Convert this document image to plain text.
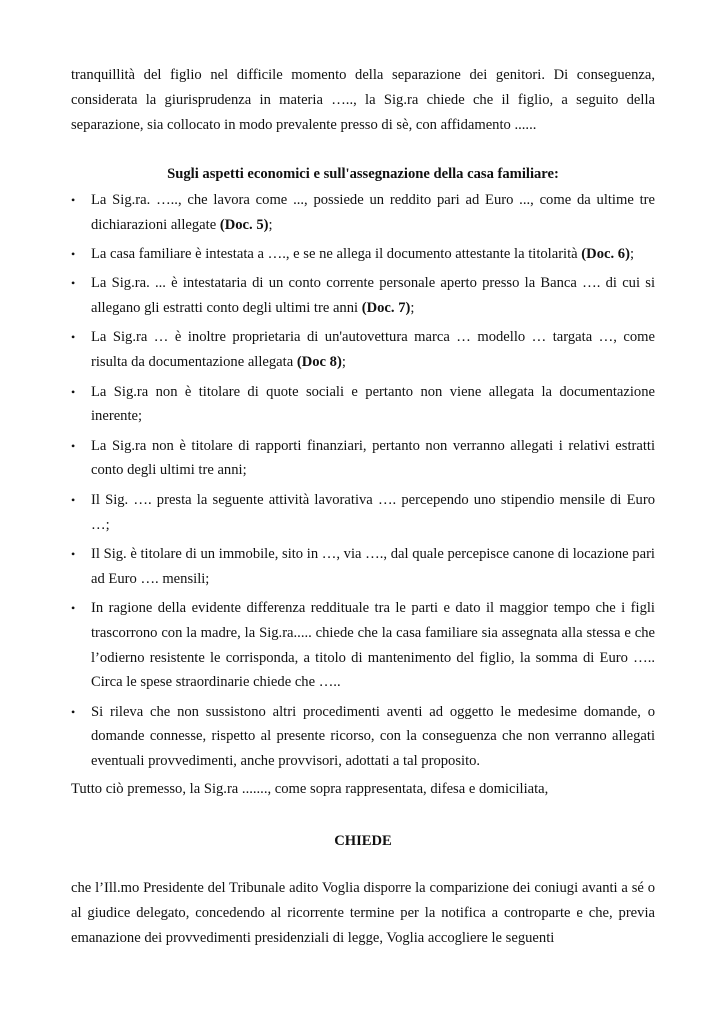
tranquillità del figlio nel difficile momento della separazione dei genitori. Di conseguenza, considerata la giurisprudenza in materia ….., la Sig.ra chiede che il figlio, a seguito della separazione, sia collocato in modo prevalente presso di sè, con affidamento ......

Sugli aspetti economici e sull'assegnazione della casa familiare:

• La Sig.ra. ….., che lavora come ..., possiede un reddito pari ad Euro ..., come da ultime tre dichiarazioni allegate (Doc. 5);
• La casa familiare è intestata a …., e se ne allega il documento attestante la titolarità (Doc. 6);
• La Sig.ra. ... è intestataria di un conto corrente personale aperto presso la Banca …. di cui si allegano gli estratti conto degli ultimi tre anni (Doc. 7);
• La Sig.ra … è inoltre proprietaria di un'autovettura marca … modello … targata …, come risulta da documentazione allegata (Doc 8);
• La Sig.ra non è titolare di quote sociali e pertanto non viene allegata la documentazione inerente;
• La Sig.ra non è titolare di rapporti finanziari, pertanto non verranno allegati i relativi estratti conto degli ultimi tre anni;
• Il Sig. …. presta la seguente attività lavorativa …. percependo uno stipendio mensile di Euro …;
• Il Sig. è titolare di un immobile, sito in …, via …., dal quale percepisce canone di locazione pari ad Euro …. mensili;
• In ragione della evidente differenza reddituale tra le parti e dato il maggior tempo che i figli trascorrono con la madre, la Sig.ra..... chiede che la casa familiare sia assegnata alla stessa e che l’odierno resistente le corrisponda, a titolo di mantenimento del figlio, la somma di Euro ….. Circa le spese straordinarie chiede che …..
• Si rileva che non sussistono altri procedimenti aventi ad oggetto le medesime domande, o domande connesse, rispetto al presente ricorso, con la conseguenza che non verranno allegati eventuali provvedimenti, anche provvisori, adottati a tal proposito.

Tutto ciò premesso, la Sig.ra ......., come sopra rappresentata, difesa e domiciliata,

CHIEDE

che l’Ill.mo Presidente del Tribunale adito Voglia disporre la comparizione dei coniugi avanti a sé o al giudice delegato, concedendo al ricorrente termine per la notifica a controparte e che, previa emanazione dei provvedimenti presidenziali di legge, Voglia accogliere le seguenti
